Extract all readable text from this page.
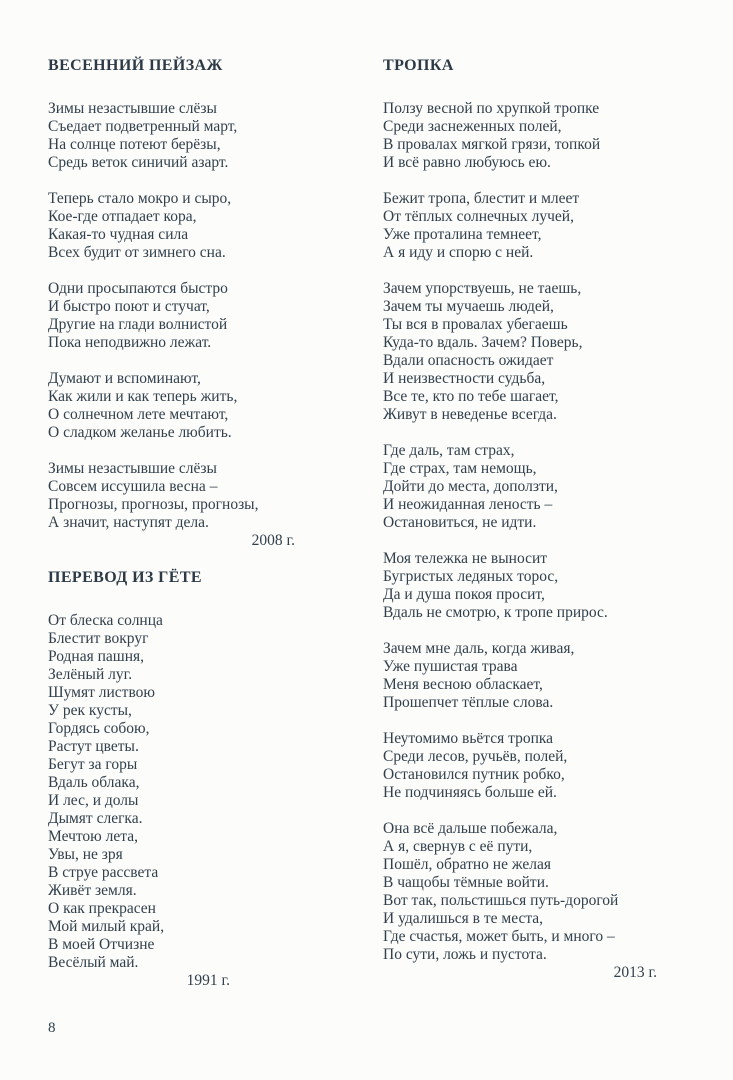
ВЕСЕННИЙ ПЕЙЗАЖ
Зимы незастывшие слёзы
Съедает подветренный март,
На солнце потеют берёзы,
Средь веток синичий азарт.
Теперь стало мокро и сыро,
Кое-где отпадает кора,
Какая-то чудная сила
Всех будит от зимнего сна.
Одни просыпаются быстро
И быстро поют и стучат,
Другие на глади волнистой
Пока неподвижно лежат.
Думают и вспоминают,
Как жили и как теперь жить,
О солнечном лете мечтают,
О сладком желанье любить.
Зимы незастывшие слёзы
Совсем иссушила весна –
Прогнозы, прогнозы, прогнозы,
А значит, наступят дела.
2008 г.
ПЕРЕВОД ИЗ ГЁТЕ
От блеска солнца
Блестит вокруг
Родная пашня,
Зелёный луг.
Шумят листвою
У рек кусты,
Гордясь собою,
Растут цветы.
Бегут за горы
Вдаль облака,
И лес, и долы
Дымят слегка.
Мечтою лета,
Увы, не зря
В струе рассвета
Живёт земля.
О как прекрасен
Мой милый край,
В моей Отчизне
Весёлый май.
1991 г.
ТРОПКА
Ползу весной по хрупкой тропке
Среди заснеженных полей,
В провалах мягкой грязи, топкой
И всё равно любуюсь ею.
Бежит тропа, блестит и млеет
От тёплых солнечных лучей,
Уже проталина темнеет,
А я иду и спорю с ней.
Зачем упорствуешь, не таешь,
Зачем ты мучаешь людей,
Ты вся в провалах убегаешь
Куда-то вдаль. Зачем? Поверь,
Вдали опасность ожидает
И неизвестности судьба,
Все те, кто по тебе шагает,
Живут в неведенье всегда.
Где даль, там страх,
Где страх, там немощь,
Дойти до места, доползти,
И неожиданная леность –
Остановиться, не идти.
Моя тележка не выносит
Бугристых ледяных торос,
Да и душа покоя просит,
Вдаль не смотрю, к тропе прирос.
Зачем мне даль, когда живая,
Уже пушистая трава
Меня весною обласкает,
Прошепчет тёплые слова.
Неутомимо вьётся тропка
Среди лесов, ручьёв, полей,
Остановился путник робко,
Не подчиняясь больше ей.
Она всё дальше побежала,
А я, свернув с её пути,
Пошёл, обратно не желая
В чащобы тёмные войти.
Вот так, польстишься путь-дорогой
И удалишься в те места,
Где счастья, может быть, и много –
По сути, ложь и пустота.
2013 г.
8
